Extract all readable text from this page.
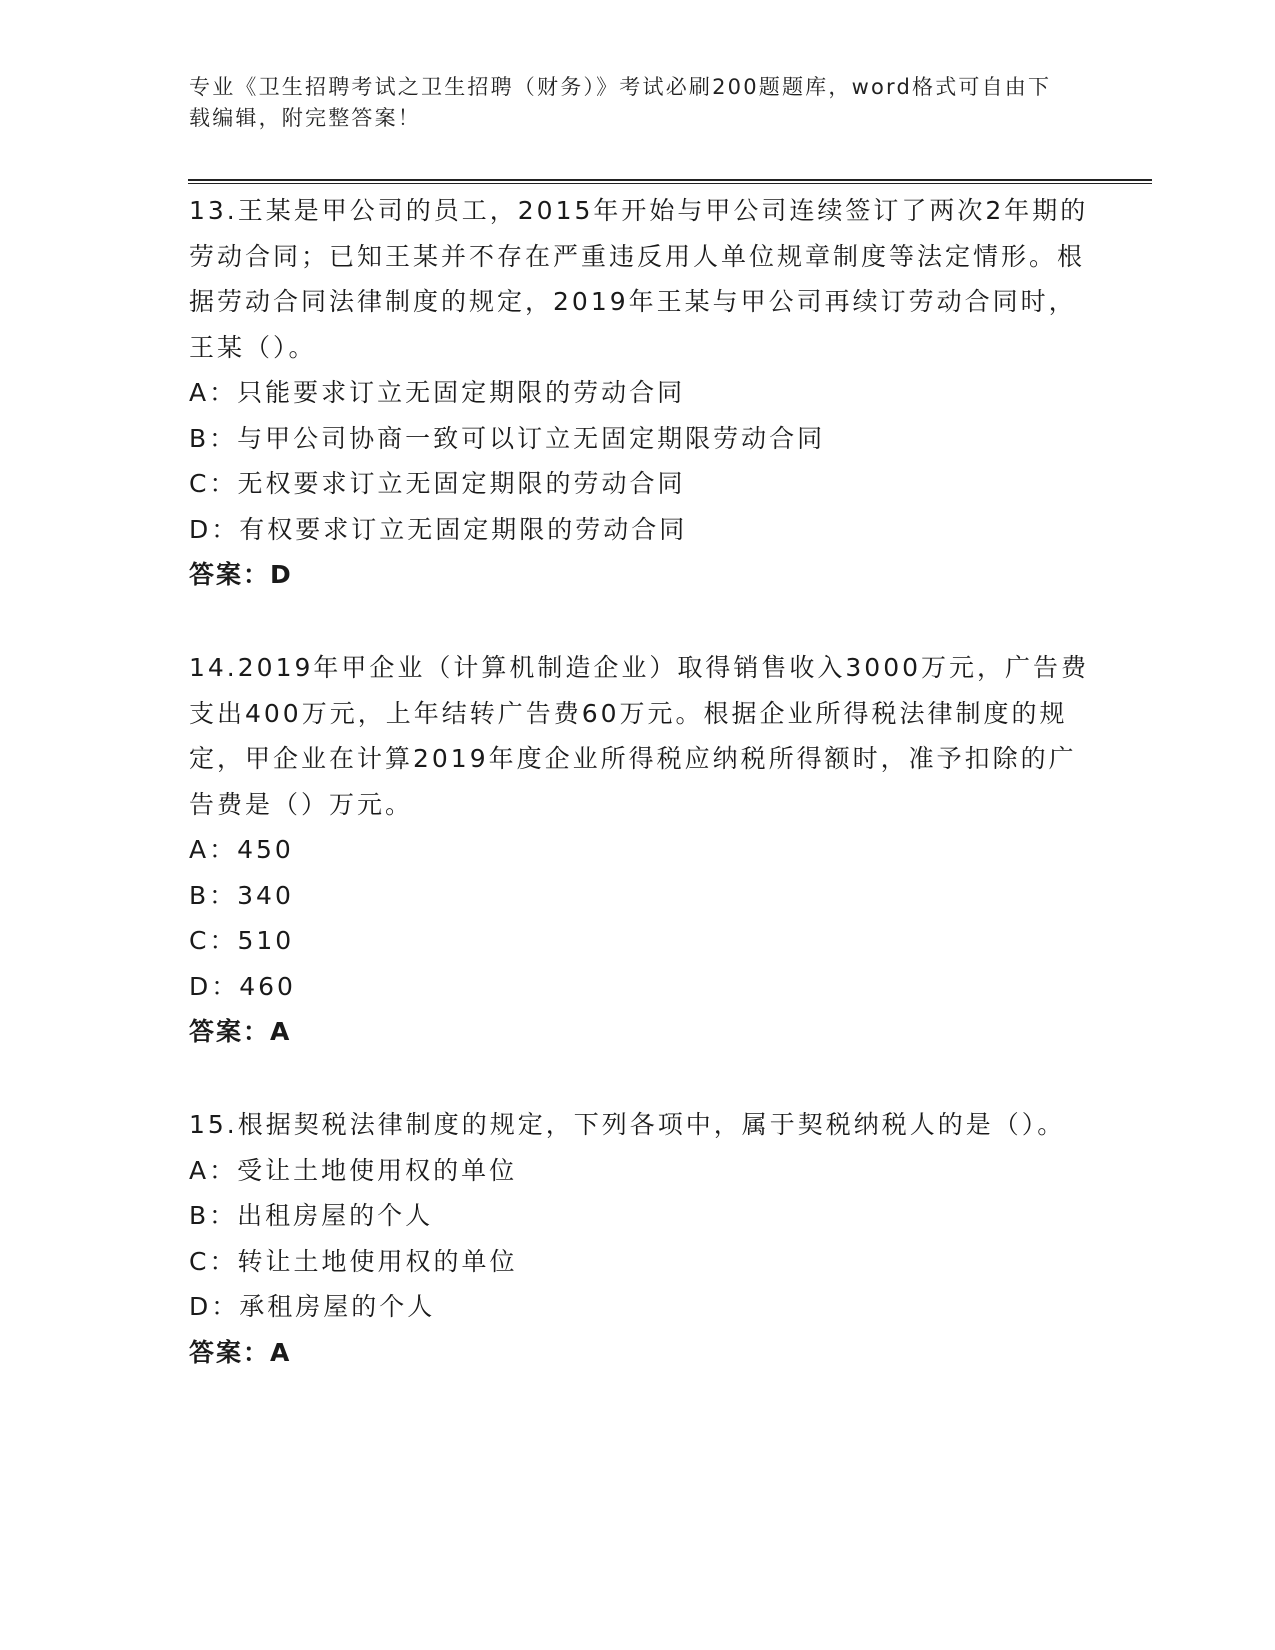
专业《卫生招聘考试之卫生招聘（财务）》考试必刷200题题库，word格式可自由下载编辑，附完整答案！

13.王某是甲公司的员工，2015年开始与甲公司连续签订了两次2年期的劳动合同；已知王某并不存在严重违反用人单位规章制度等法定情形。根据劳动合同法律制度的规定，2019年王某与甲公司再续订劳动合同时，王某（）。

A：只能要求订立无固定期限的劳动合同

B：与甲公司协商一致可以订立无固定期限劳动合同

C：无权要求订立无固定期限的劳动合同

D：有权要求订立无固定期限的劳动合同

答案：D

14.2019年甲企业（计算机制造企业）取得销售收入3000万元，广告费支出400万元，上年结转广告费60万元。根据企业所得税法律制度的规定，甲企业在计算2019年度企业所得税应纳税所得额时，准予扣除的广告费是（）万元。

A：450

B：340

C：510

D：460

答案：A

15.根据契税法律制度的规定，下列各项中，属于契税纳税人的是（）。

A：受让土地使用权的单位

B：出租房屋的个人

C：转让土地使用权的单位

D：承租房屋的个人

答案：A
